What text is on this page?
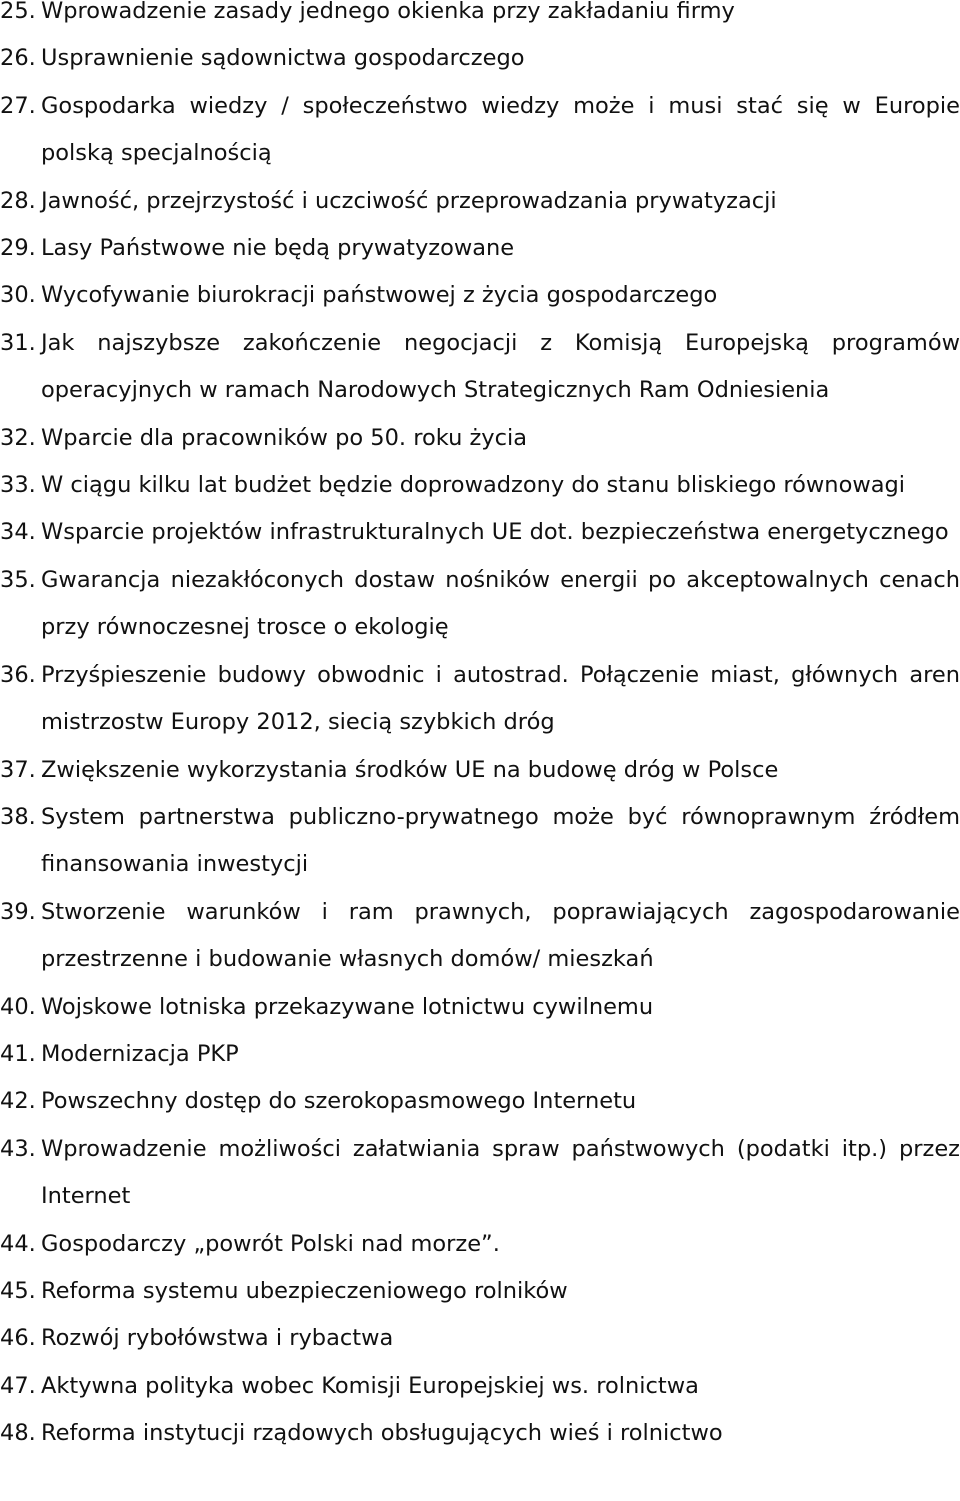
25. Wprowadzenie zasady jednego okienka przy zakładaniu firmy
26. Usprawnienie sądownictwa gospodarczego
27. Gospodarka wiedzy / społeczeństwo wiedzy może i musi stać się w Europie polską specjalnością
28. Jawność, przejrzystość i uczciwość przeprowadzania prywatyzacji
29. Lasy Państwowe nie będą prywatyzowane
30. Wycofywanie biurokracji państwowej z życia gospodarczego
31. Jak najszybsze zakończenie negocjacji z Komisją Europejską programów operacyjnych w ramach Narodowych Strategicznych Ram Odniesienia
32. Wparcie dla pracowników po 50. roku życia
33. W ciągu kilku lat budżet będzie doprowadzony do stanu bliskiego równowagi
34. Wsparcie projektów infrastrukturalnych UE dot. bezpieczeństwa energetycznego
35. Gwarancja niezakłóconych dostaw nośników energii po akceptowalnych cenach przy równoczesnej trosce o ekologię
36. Przyśpieszenie budowy obwodnic i autostrad. Połączenie miast, głównych aren mistrzostw Europy 2012, siecią szybkich dróg
37. Zwiększenie wykorzystania środków UE na budowę dróg w Polsce
38. System partnerstwa publiczno-prywatnego może być równoprawnym źródłem finansowania inwestycji
39. Stworzenie warunków i ram prawnych, poprawiających zagospodarowanie przestrzenne i budowanie własnych domów/ mieszkań
40. Wojskowe lotniska przekazywane lotnictwu cywilnemu
41. Modernizacja PKP
42. Powszechny dostęp do szerokopasmowego Internetu
43. Wprowadzenie możliwości załatwiania spraw państwowych (podatki itp.) przez Internet
44. Gospodarczy „powrót Polski nad morze”.
45. Reforma systemu ubezpieczeniowego rolników
46. Rozwój rybołówstwa i rybactwa
47. Aktywna polityka wobec Komisji Europejskiej ws. rolnictwa
48. Reforma instytucji rządowych obsługujących wieś i rolnictwo
